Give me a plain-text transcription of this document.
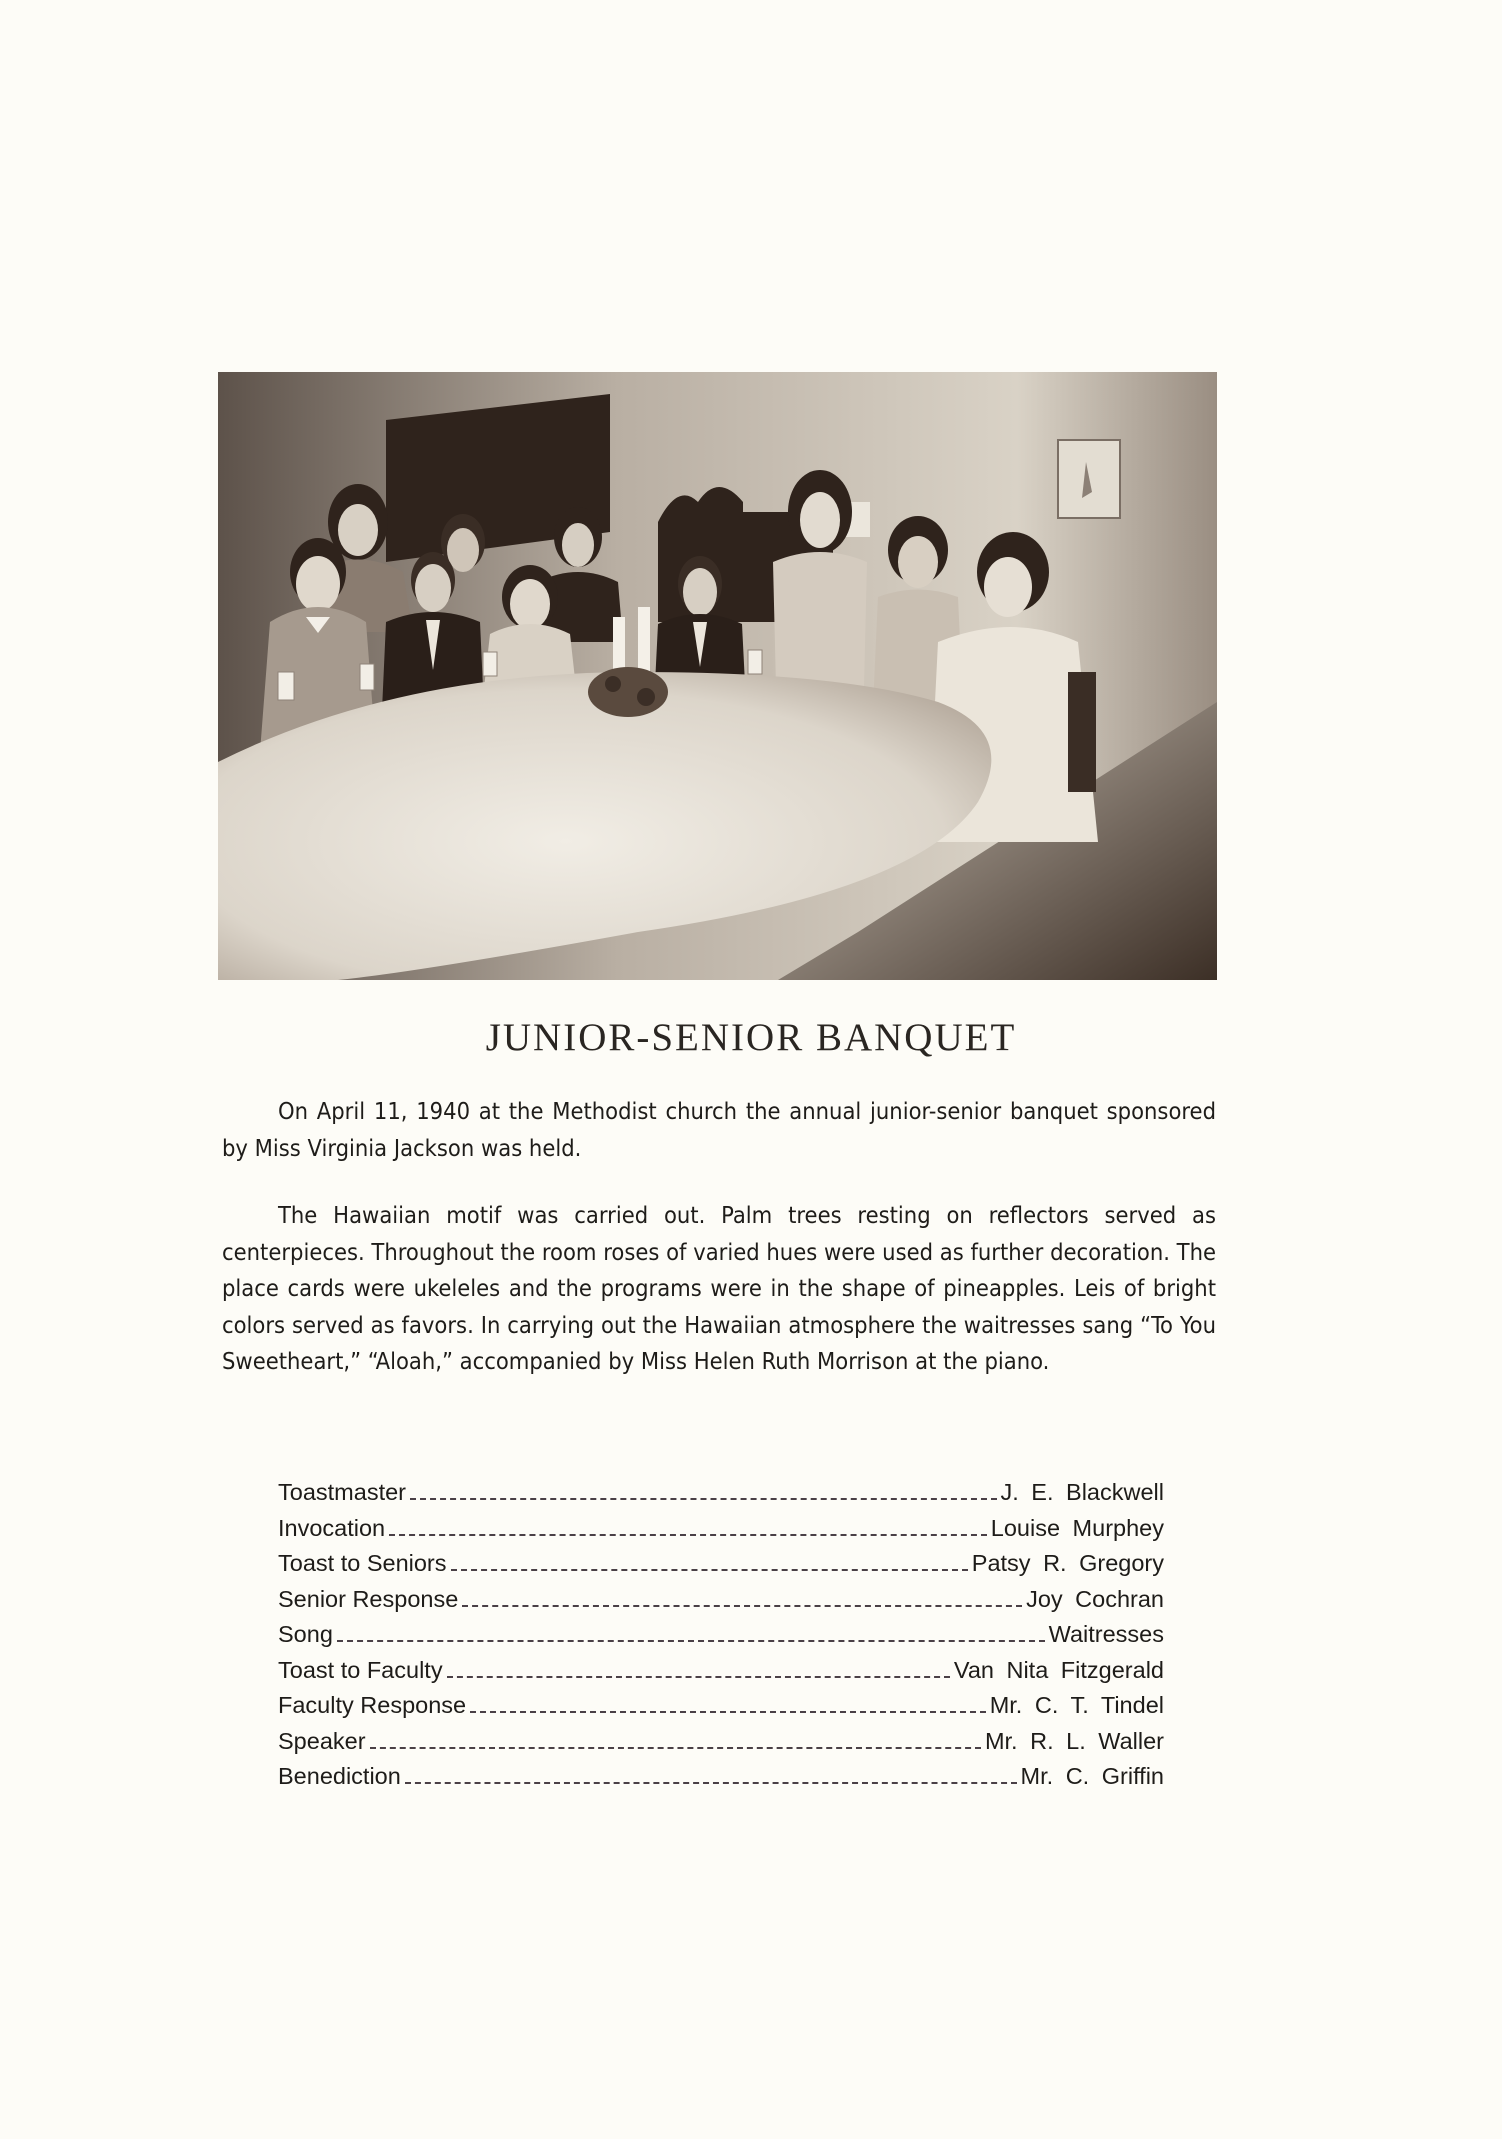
JUNIOR-SENIOR BANQUET

On April 11, 1940 at the Methodist church the annual junior-senior banquet sponsored by Miss Virginia Jackson was held.

The Hawaiian motif was carried out. Palm trees resting on reflectors served as centerpieces. Throughout the room roses of varied hues were used as further decoration. The place cards were ukeleles and the programs were in the shape of pineapples. Leis of bright colors served as favors. In carrying out the Hawaiian atmosphere the waitresses sang “To You Sweetheart,” “Aloah,” accompanied by Miss Helen Ruth Morrison at the piano.

Toastmaster	J. E. Blackwell
Invocation	Louise Murphey
Toast to Seniors	Patsy R. Gregory
Senior Response	Joy Cochran
Song	Waitresses
Toast to Faculty	Van Nita Fitzgerald
Faculty Response	Mr. C. T. Tindel
Speaker	Mr. R. L. Waller
Benediction	Mr. C. Griffin
